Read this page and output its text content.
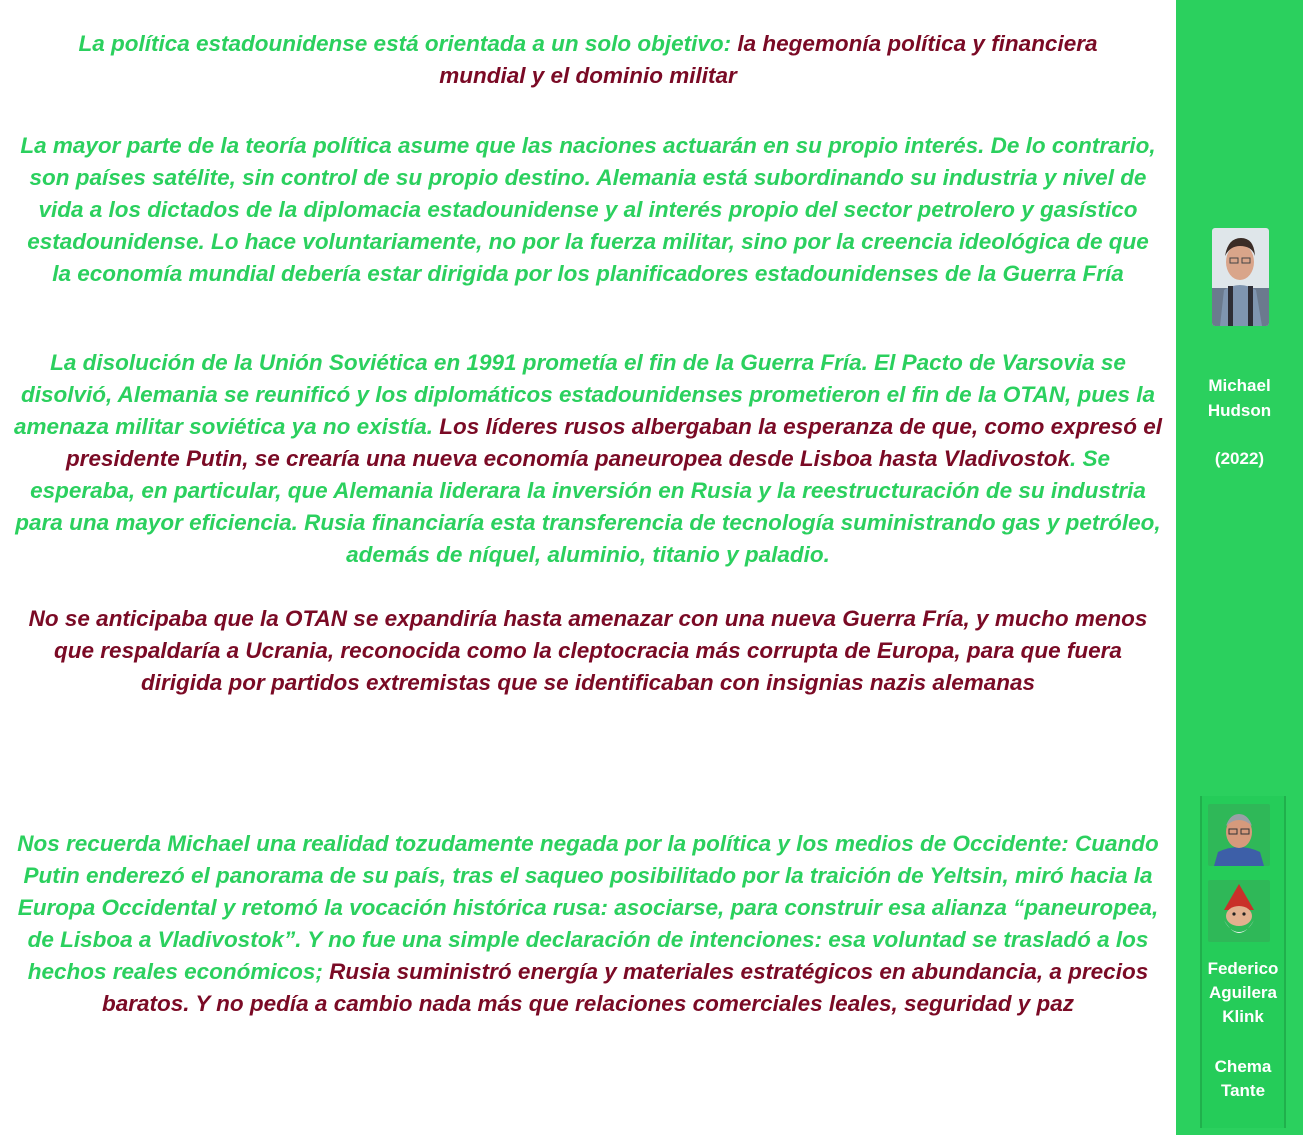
La política estadounidense está orientada a un solo objetivo: la hegemonía política y financiera mundial y el dominio militar

La mayor parte de la teoría política asume que las naciones actuarán en su propio interés. De lo contrario, son países satélite, sin control de su propio destino. Alemania está subordinando su industria y nivel de vida a los dictados de la diplomacia estadounidense y al interés propio del sector petrolero y gasístico estadounidense. Lo hace voluntariamente, no por la fuerza militar, sino por la creencia ideológica de que la economía mundial debería estar dirigida por los planificadores estadounidenses de la Guerra Fría

La disolución de la Unión Soviética en 1991 prometía el fin de la Guerra Fría. El Pacto de Varsovia se disolvió, Alemania se reunificó y los diplomáticos estadounidenses prometieron el fin de la OTAN, pues la amenaza militar soviética ya no existía. Los líderes rusos albergaban la esperanza de que, como expresó el presidente Putin, se crearía una nueva economía paneuropea desde Lisboa hasta Vladivostok. Se esperaba, en particular, que Alemania liderara la inversión en Rusia y la reestructuración de su industria para una mayor eficiencia. Rusia financiaría esta transferencia de tecnología suministrando gas y petróleo, además de níquel, aluminio, titanio y paladio.

No se anticipaba que la OTAN se expandiría hasta amenazar con una nueva Guerra Fría, y mucho menos que respaldaría a Ucrania, reconocida como la cleptocracia más corrupta de Europa, para que fuera dirigida por partidos extremistas que se identificaban con insignias nazis alemanas

Nos recuerda Michael una realidad tozudamente negada por la política y los medios de Occidente: Cuando Putin enderezó el panorama de su país, tras el saqueo posibilitado por la traición de Yeltsin, miró hacia la Europa Occidental y retomó la vocación histórica rusa: asociarse, para construir esa alianza “paneuropea, de Lisboa a Vladivostok”. Y no fue una simple declaración de intenciones: esa voluntad se trasladó a los hechos reales económicos; Rusia suministró energía y materiales estratégicos en abundancia, a precios baratos. Y no pedía a cambio nada más que relaciones comerciales leales, seguridad y paz

Michael
Hudson
(2022)
Federico
Aguilera
Klink
Chema
Tante
